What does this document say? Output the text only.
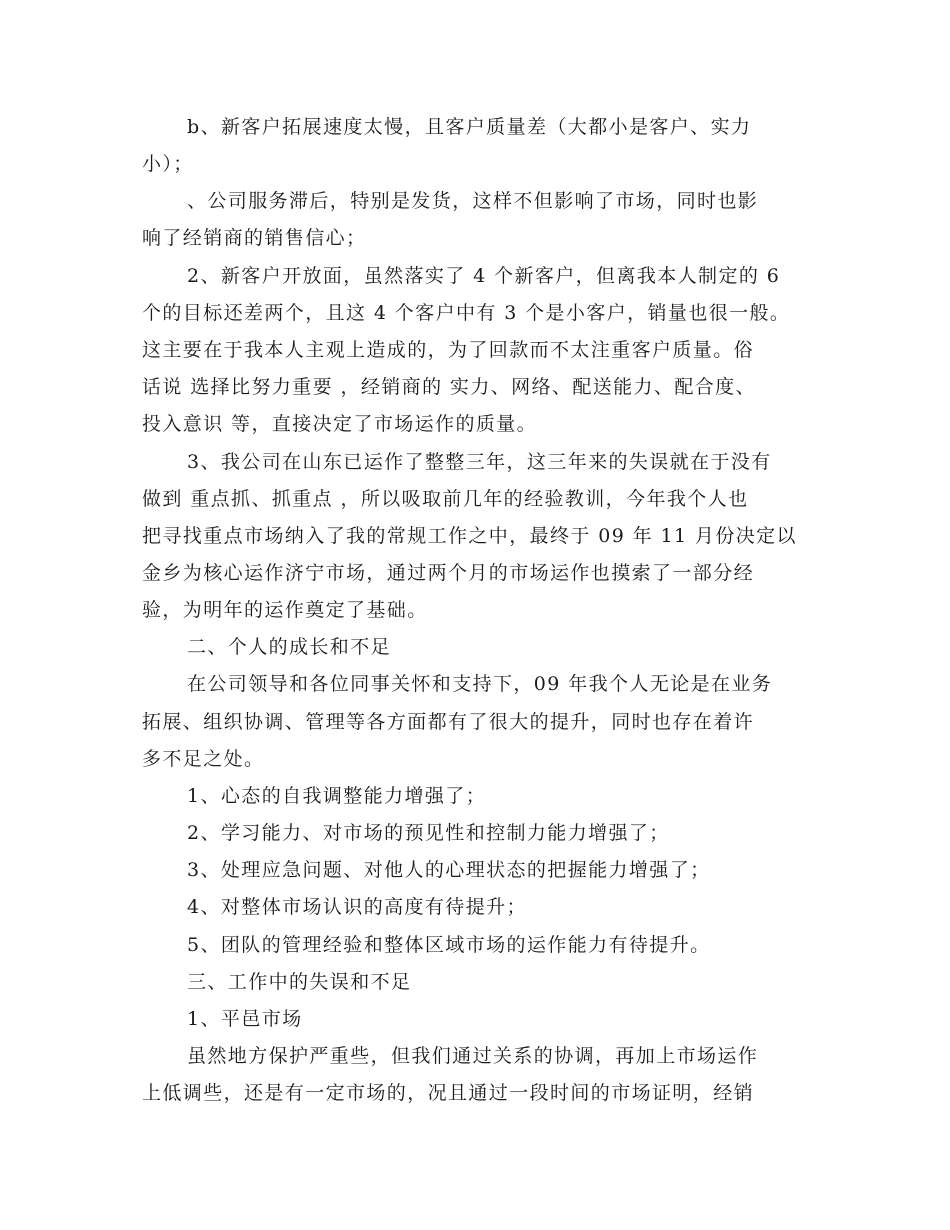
b、新客户拓展速度太慢，且客户质量差（大都小是客户、实力
小）；
、公司服务滞后，特别是发货，这样不但影响了市场，同时也影
响了经销商的销售信心；
2、新客户开放面，虽然落实了 4 个新客户，但离我本人制定的 6
个的目标还差两个，且这 4 个客户中有 3 个是小客户，销量也很一般。
这主要在于我本人主观上造成的，为了回款而不太注重客户质量。俗
话说 选择比努力重要 ，经销商的 实力、网络、配送能力、配合度、
投入意识 等，直接决定了市场运作的质量。
3、我公司在山东已运作了整整三年，这三年来的失误就在于没有
做到 重点抓、抓重点 ，所以吸取前几年的经验教训，今年我个人也
把寻找重点市场纳入了我的常规工作之中，最终于 09 年 11 月份决定以
金乡为核心运作济宁市场，通过两个月的市场运作也摸索了一部分经
验，为明年的运作奠定了基础。
二、个人的成长和不足
在公司领导和各位同事关怀和支持下，09 年我个人无论是在业务
拓展、组织协调、管理等各方面都有了很大的提升，同时也存在着许
多不足之处。
1、心态的自我调整能力增强了；
2、学习能力、对市场的预见性和控制力能力增强了；
3、处理应急问题、对他人的心理状态的把握能力增强了；
4、对整体市场认识的高度有待提升；
5、团队的管理经验和整体区域市场的运作能力有待提升。
三、工作中的失误和不足
1、平邑市场
虽然地方保护严重些，但我们通过关系的协调，再加上市场运作
上低调些，还是有一定市场的，况且通过一段时间的市场证明，经销
